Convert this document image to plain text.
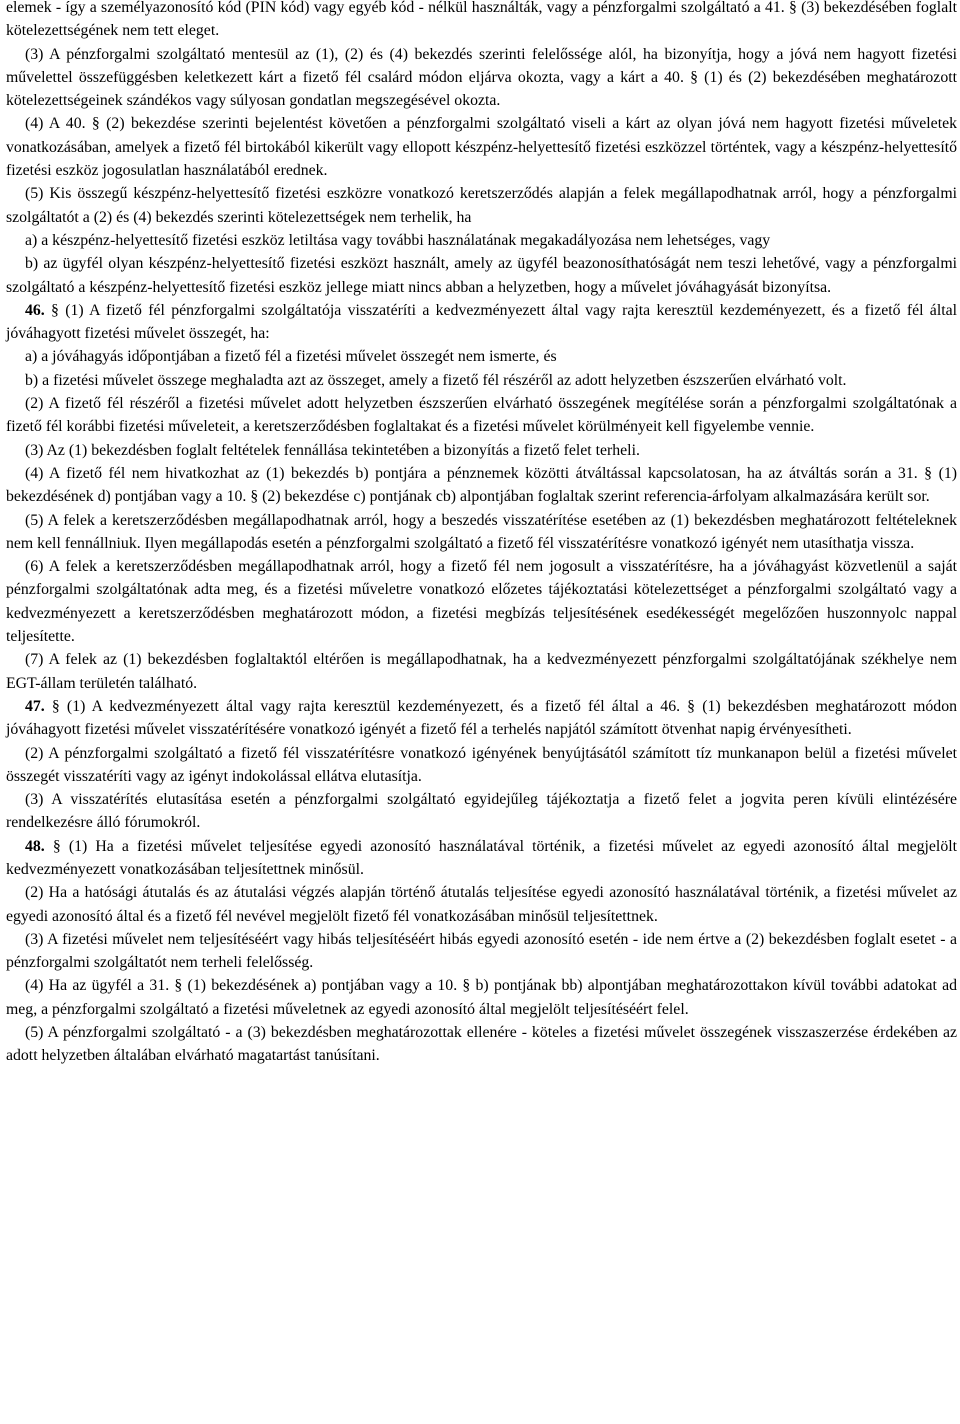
elemek - így a személyazonosító kód (PIN kód) vagy egyéb kód - nélkül használták, vagy a pénzforgalmi szolgáltató a 41. § (3) bekezdésében foglalt kötelezettségének nem tett eleget.

(3) A pénzforgalmi szolgáltató mentesül az (1), (2) és (4) bekezdés szerinti felelőssége alól, ha bizonyítja, hogy a jóvá nem hagyott fizetési művelettel összefüggésben keletkezett kárt a fizető fél csalárd módon eljárva okozta, vagy a kárt a 40. § (1) és (2) bekezdésében meghatározott kötelezettségeinek szándékos vagy súlyosan gondatlan megszegésével okozta.

(4) A 40. § (2) bekezdése szerinti bejelentést követően a pénzforgalmi szolgáltató viseli a kárt az olyan jóvá nem hagyott fizetési műveletek vonatkozásában, amelyek a fizető fél birtokából kikerült vagy ellopott készpénz-helyettesítő fizetési eszközzel történtek, vagy a készpénz-helyettesítő fizetési eszköz jogosulatlan használatából erednek.

(5) Kis összegű készpénz-helyettesítő fizetési eszközre vonatkozó keretszerződés alapján a felek megállapodhatnak arról, hogy a pénzforgalmi szolgáltatót a (2) és (4) bekezdés szerinti kötelezettségek nem terhelik, ha

a) a készpénz-helyettesítő fizetési eszköz letiltása vagy további használatának megakadályozása nem lehetséges, vagy

b) az ügyfél olyan készpénz-helyettesítő fizetési eszközt használt, amely az ügyfél beazonosíthatóságát nem teszi lehetővé, vagy a pénzforgalmi szolgáltató a készpénz-helyettesítő fizetési eszköz jellege miatt nincs abban a helyzetben, hogy a művelet jóváhagyását bizonyítsa.

46. § (1) A fizető fél pénzforgalmi szolgáltatója visszatéríti a kedvezményezett által vagy rajta keresztül kezdeményezett, és a fizető fél által jóváhagyott fizetési művelet összegét, ha:

a) a jóváhagyás időpontjában a fizető fél a fizetési művelet összegét nem ismerte, és

b) a fizetési művelet összege meghaladta azt az összeget, amely a fizető fél részéről az adott helyzetben észszerűen elvárható volt.

(2) A fizető fél részéről a fizetési művelet adott helyzetben észszerűen elvárható összegének megítélése során a pénzforgalmi szolgáltatónak a fizető fél korábbi fizetési műveleteit, a keretszerződésben foglaltakat és a fizetési művelet körülményeit kell figyelembe vennie.

(3) Az (1) bekezdésben foglalt feltételek fennállása tekintetében a bizonyítás a fizető felet terheli.

(4) A fizető fél nem hivatkozhat az (1) bekezdés b) pontjára a pénznemek közötti átváltással kapcsolatosan, ha az átváltás során a 31. § (1) bekezdésének d) pontjában vagy a 10. § (2) bekezdése c) pontjának cb) alpontjában foglaltak szerint referencia-árfolyam alkalmazására került sor.

(5) A felek a keretszerződésben megállapodhatnak arról, hogy a beszedés visszatérítése esetében az (1) bekezdésben meghatározott feltételeknek nem kell fennállniuk. Ilyen megállapodás esetén a pénzforgalmi szolgáltató a fizető fél visszatérítésre vonatkozó igényét nem utasíthatja vissza.

(6) A felek a keretszerződésben megállapodhatnak arról, hogy a fizető fél nem jogosult a visszatérítésre, ha a jóváhagyást közvetlenül a saját pénzforgalmi szolgáltatónak adta meg, és a fizetési műveletre vonatkozó előzetes tájékoztatási kötelezettséget a pénzforgalmi szolgáltató vagy a kedvezményezett a keretszerződésben meghatározott módon, a fizetési megbízás teljesítésének esedékességét megelőzően huszonnyolc nappal teljesítette.

(7) A felek az (1) bekezdésben foglaltaktól eltérően is megállapodhatnak, ha a kedvezményezett pénzforgalmi szolgáltatójának székhelye nem EGT-állam területén található.

47. § (1) A kedvezményezett által vagy rajta keresztül kezdeményezett, és a fizető fél által a 46. § (1) bekezdésben meghatározott módon jóváhagyott fizetési művelet visszatérítésére vonatkozó igényét a fizető fél a terhelés napjától számított ötvenhat napig érvényesítheti.

(2) A pénzforgalmi szolgáltató a fizető fél visszatérítésre vonatkozó igényének benyújtásától számított tíz munkanapon belül a fizetési művelet összegét visszatéríti vagy az igényt indokolással ellátva elutasítja.

(3) A visszatérítés elutasítása esetén a pénzforgalmi szolgáltató egyidejűleg tájékoztatja a fizető felet a jogvita peren kívüli elintézésére rendelkezésre álló fórumokról.

48. § (1) Ha a fizetési művelet teljesítése egyedi azonosító használatával történik, a fizetési művelet az egyedi azonosító által megjelölt kedvezményezett vonatkozásában teljesítettnek minősül.

(2) Ha a hatósági átutalás és az átutalási végzés alapján történő átutalás teljesítése egyedi azonosító használatával történik, a fizetési művelet az egyedi azonosító által és a fizető fél nevével megjelölt fizető fél vonatkozásában minősül teljesítettnek.

(3) A fizetési művelet nem teljesítéséért vagy hibás teljesítéséért hibás egyedi azonosító esetén - ide nem értve a (2) bekezdésben foglalt esetet - a pénzforgalmi szolgáltatót nem terheli felelősség.

(4) Ha az ügyfél a 31. § (1) bekezdésének a) pontjában vagy a 10. § b) pontjának bb) alpontjában meghatározottakon kívül további adatokat ad meg, a pénzforgalmi szolgáltató a fizetési műveletnek az egyedi azonosító által megjelölt teljesítéséért felel.

(5) A pénzforgalmi szolgáltató - a (3) bekezdésben meghatározottak ellenére - köteles a fizetési művelet összegének visszaszerzése érdekében az adott helyzetben általában elvárható magatartást tanúsítani.
